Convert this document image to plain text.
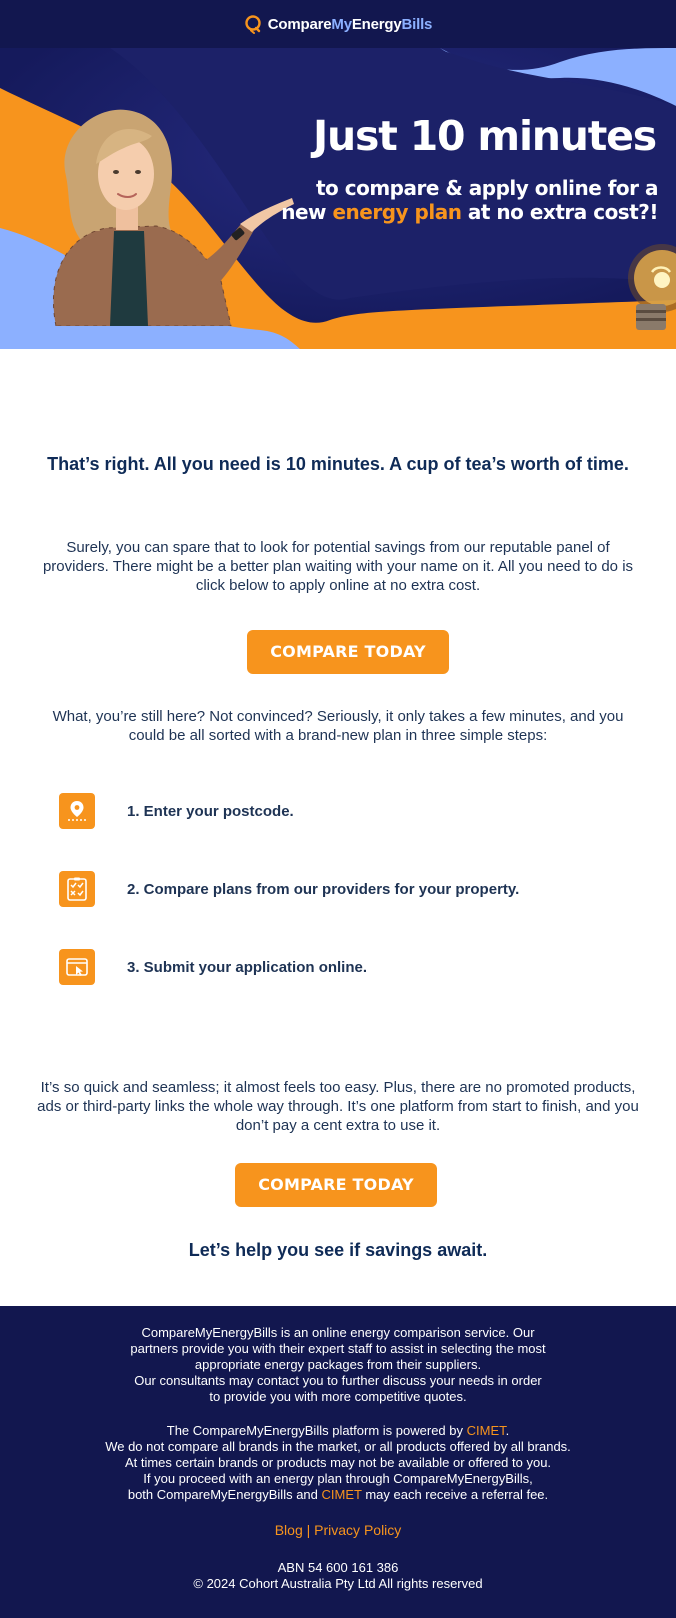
CompareMyEnergyBills
Just 10 minutes
to compare & apply online for a
new energy plan at no extra cost?!
That’s right. All you need is 10 minutes. A cup of tea’s worth of time.
Surely, you can spare that to look for potential savings from our reputable panel of providers. There might be a better plan waiting with your name on it. All you need to do is click below to apply online at no extra cost.
COMPARE TODAY
What, you’re still here? Not convinced? Seriously, it only takes a few minutes, and you could be all sorted with a brand-new plan in three simple steps:
1. Enter your postcode.
2. Compare plans from our providers for your property.
3. Submit your application online.
It’s so quick and seamless; it almost feels too easy. Plus, there are no promoted products, ads or third-party links the whole way through. It’s one platform from start to finish, and you don’t pay a cent extra to use it.
COMPARE TODAY
Let’s help you see if savings await.
CompareMyEnergyBills is an online energy comparison service. Our
partners provide you with their expert staff to assist in selecting the most
appropriate energy packages from their suppliers.
Our consultants may contact you to further discuss your needs in order
to provide you with more competitive quotes.
The CompareMyEnergyBills platform is powered by CIMET.
We do not compare all brands in the market, or all products offered by all brands.
At times certain brands or products may not be available or offered to you.
If you proceed with an energy plan through CompareMyEnergyBills,
both CompareMyEnergyBills and CIMET may each receive a referral fee.
Blog | Privacy Policy
ABN 54 600 161 386
© 2024 Cohort Australia Pty Ltd All rights reserved
